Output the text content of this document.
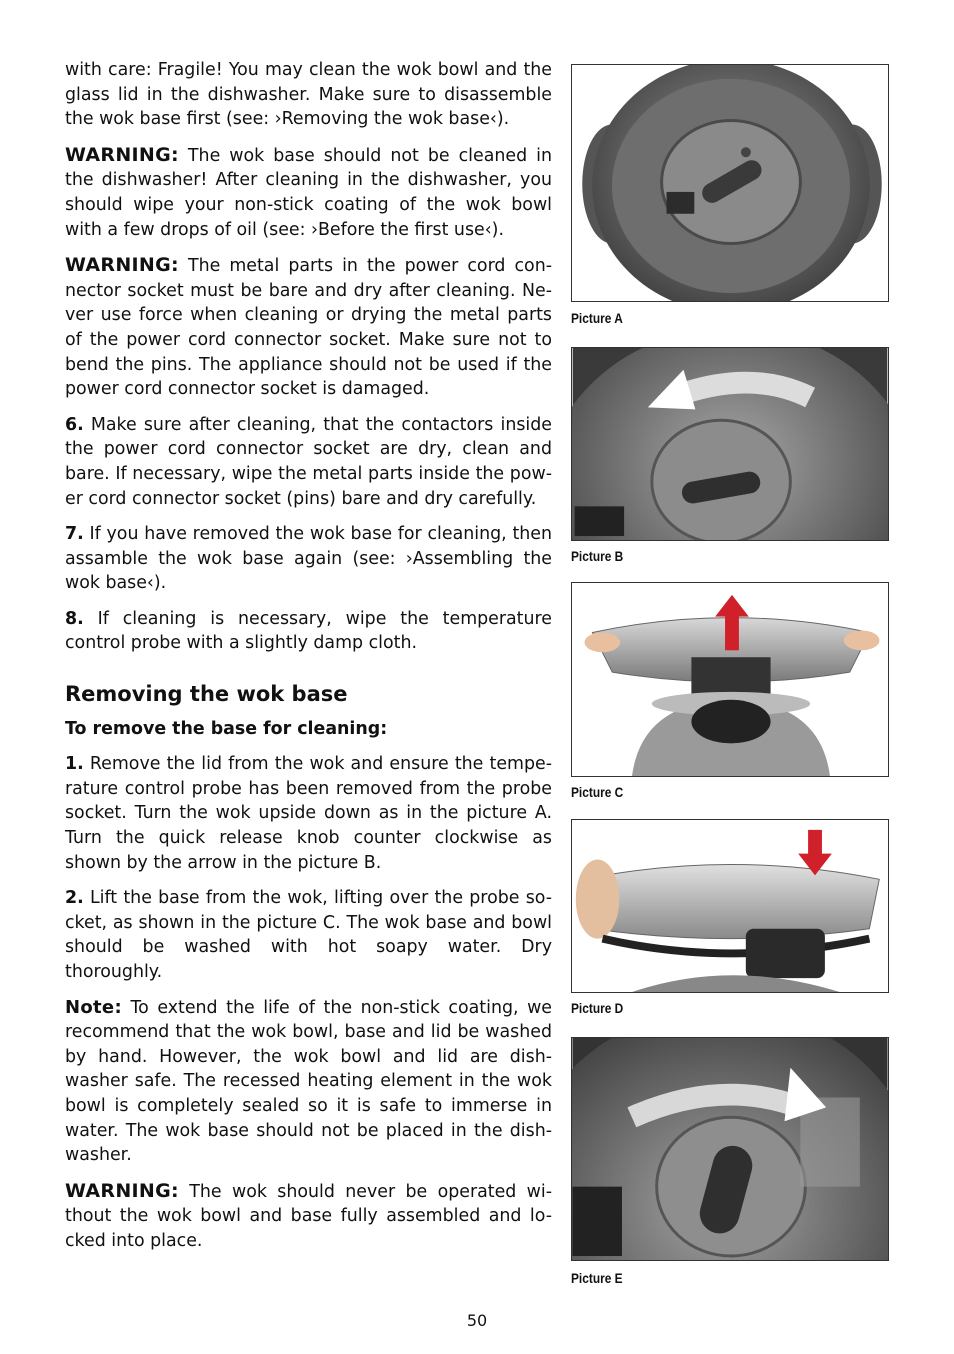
with care: Fragile! You may clean the wok bowl and the glass lid in the dishwasher. Make sure to disassemble the wok base first (see: ›Removing the wok base‹).

WARNING: The wok base should not be cleaned in the dishwasher! After cleaning in the dishwasher, you should wipe your non-stick coating of the wok bowl with a few drops of oil (see: ›Before the first use‹).

WARNING: The metal parts in the power cord con-nector socket must be bare and dry after cleaning. Ne-ver use force when cleaning or drying the metal parts of the power cord connector socket. Make sure not to bend the pins. The appliance should not be used if the power cord connector socket is damaged.

6. Make sure after cleaning, that the contactors inside the power cord connector socket are dry, clean and bare. If necessary, wipe the metal parts inside the pow-er cord connector socket (pins) bare and dry carefully.

7. If you have removed the wok base for cleaning, then assamble the wok base again (see: ›Assembling the wok base‹).

8. If cleaning is necessary, wipe the temperature control probe with a slightly damp cloth.

Removing the wok base
To remove the base for cleaning:

1. Remove the lid from the wok and ensure the tempe-rature control probe has been removed from the probe socket. Turn the wok upside down as in the picture A. Turn the quick release knob counter clockwise as shown by the arrow in the picture B.

2. Lift the base from the wok, lifting over the probe so-cket, as shown in the picture C. The wok base and bowl should be washed with hot soapy water. Dry thoroughly.

Note: To extend the life of the non-stick coating, we recommend that the wok bowl, base and lid be washed by hand. However, the wok bowl and lid are dish-washer safe. The recessed heating element in the wok bowl is completely sealed so it is safe to immerse in water. The wok base should not be placed in the dish-washer.

WARNING: The wok should never be operated wi-thout the wok bowl and base fully assembled and lo-cked into place.

Picture A
Picture B
Picture C
Picture D
Picture E
50
